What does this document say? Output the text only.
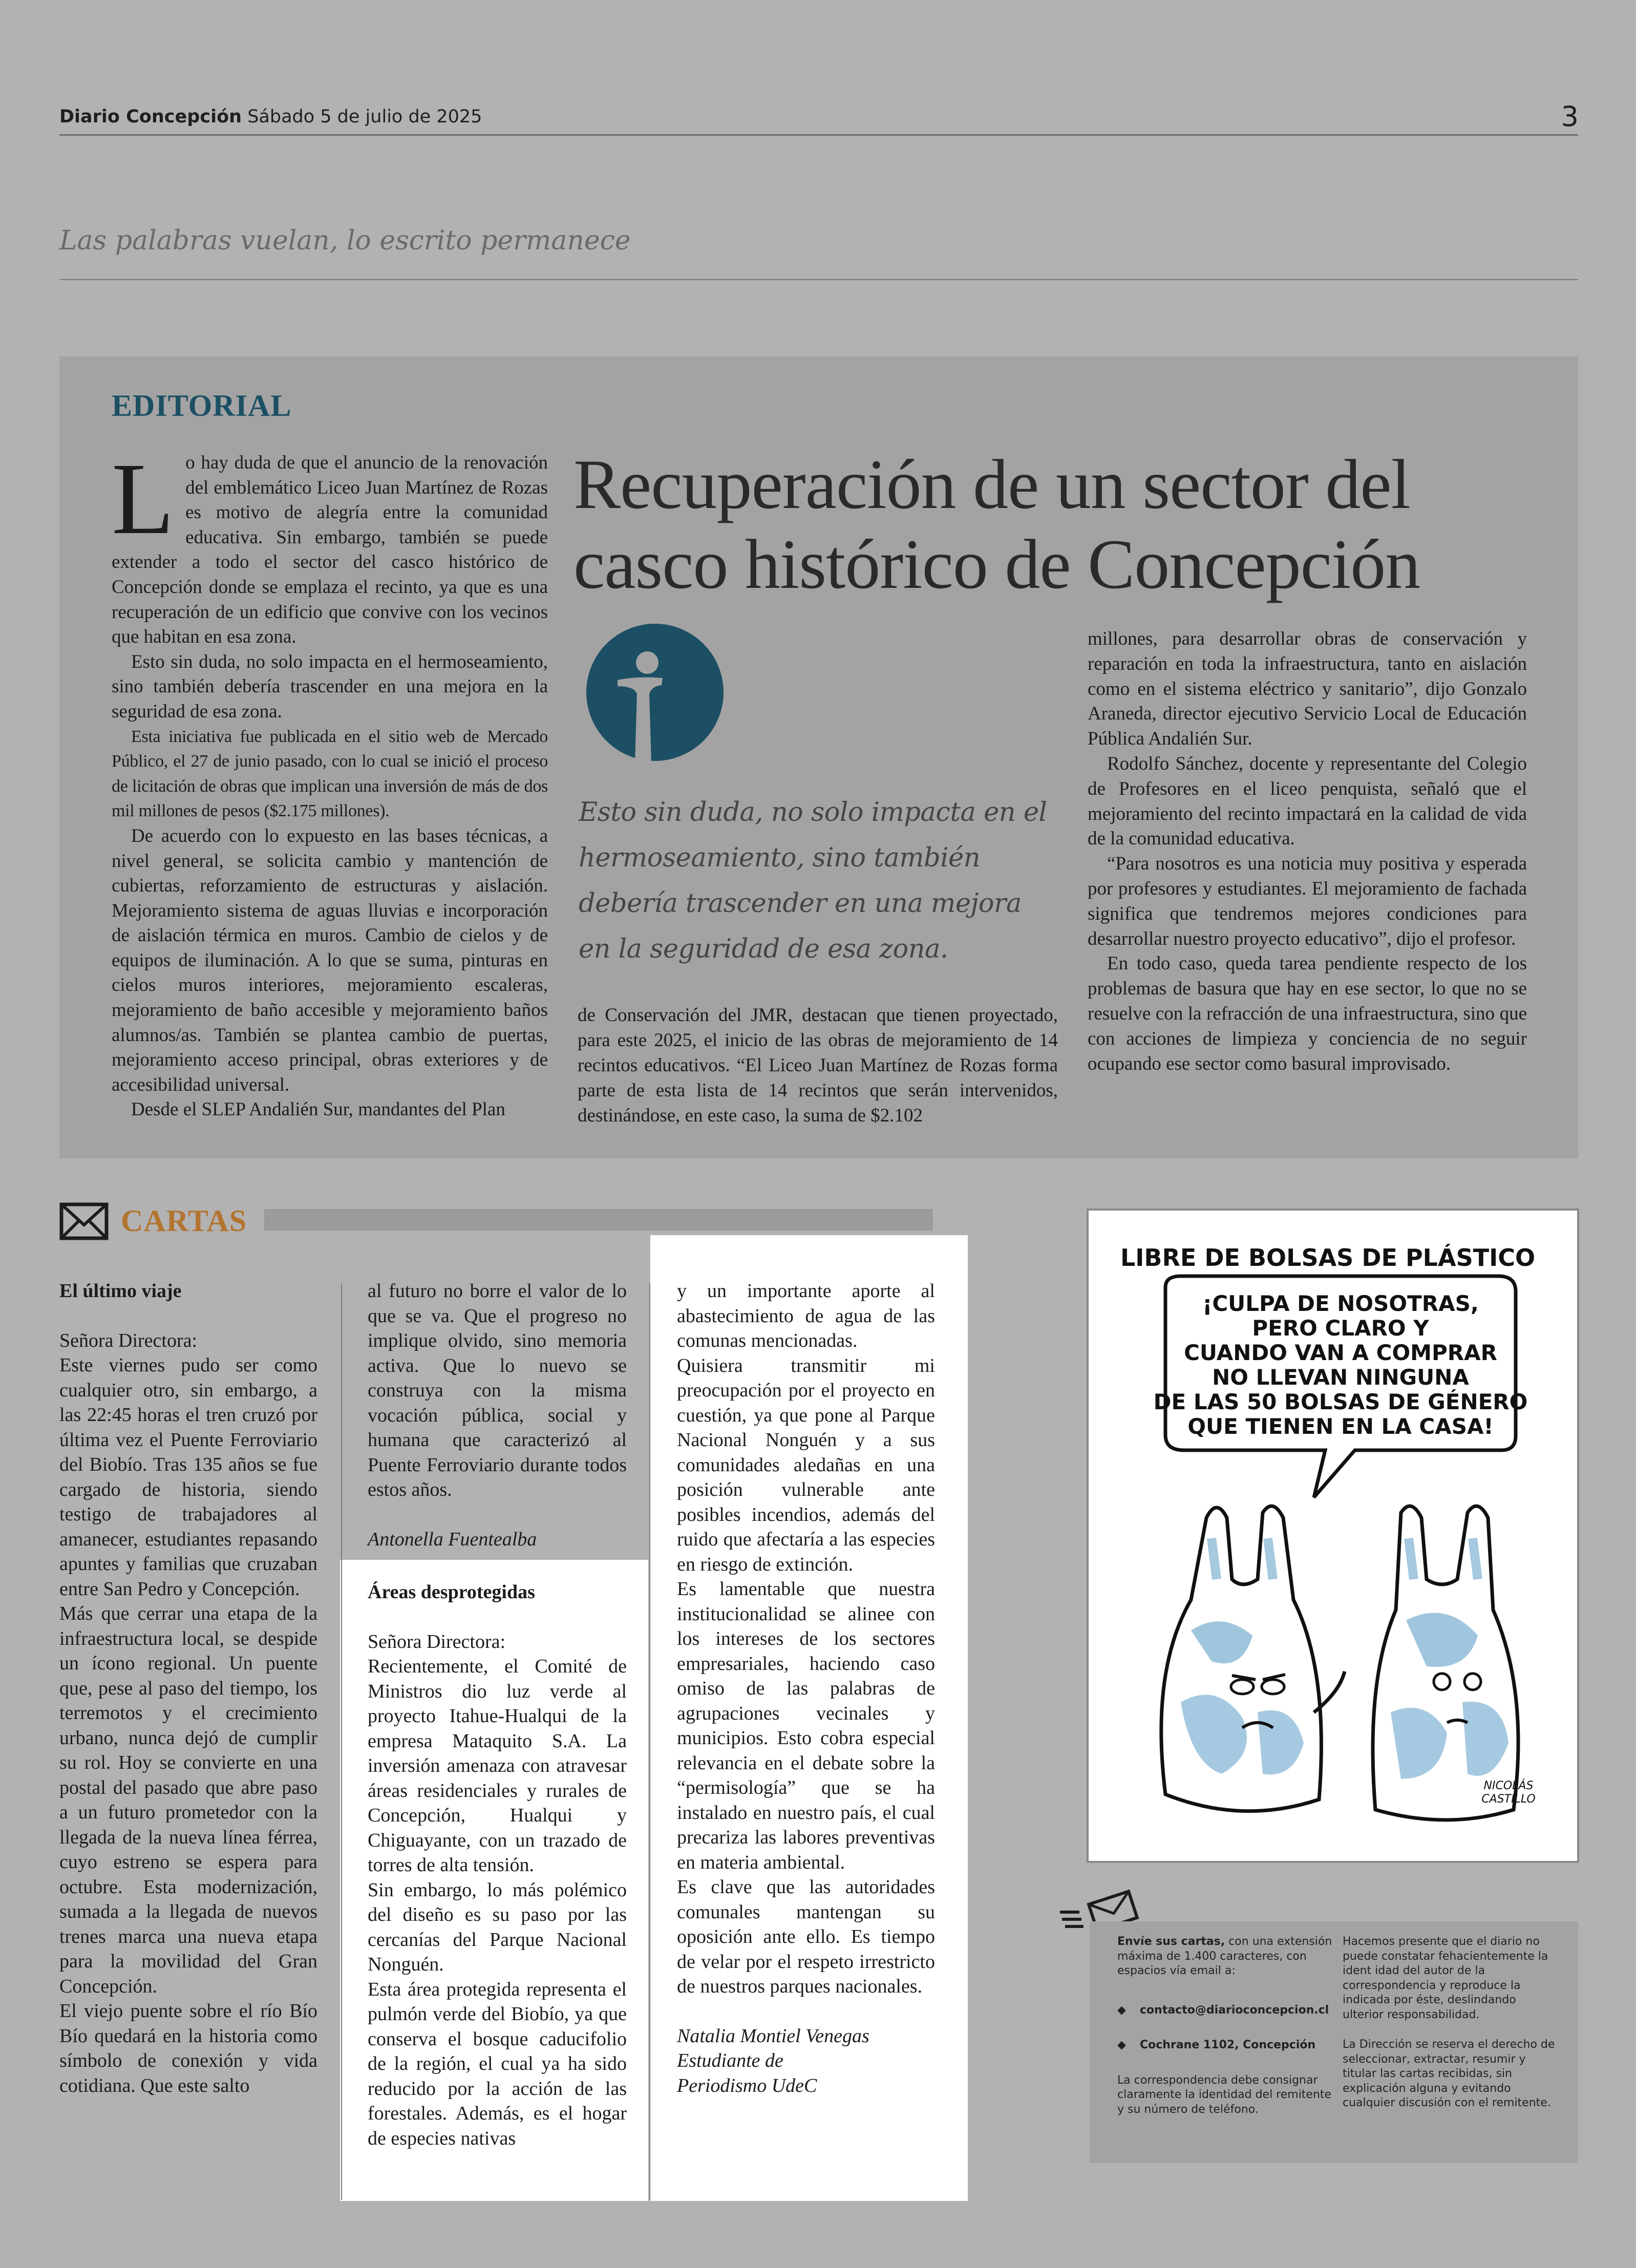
Diario Concepción Sábado 5 de julio de 2025	3
Las palabras vuelan, lo escrito permanece
EDITORIAL

Lo hay duda de que el anuncio de la renovación del emblemático Liceo Juan Martínez de Rozas es motivo de alegría entre la comunidad educativa. Sin embargo, también se puede extender a todo el sector del casco histórico de Concepción donde se emplaza el recinto, ya que es una recuperación de un edificio que convive con los vecinos que habitan en esa zona.

Esto sin duda, no solo impacta en el hermoseamiento, sino también debería trascender en una mejora en la seguridad de esa zona.

Esta iniciativa fue publicada en el sitio web de Mercado Público, el 27 de junio pasado, con lo cual se inició el proceso de licitación de obras que implican una inversión de más de dos mil millones de pesos ($2.175 millones).

De acuerdo con lo expuesto en las bases técnicas, a nivel general, se solicita cambio y mantención de cubiertas, reforzamiento de estructuras y aislación. Mejoramiento sistema de aguas lluvias e incorporación de aislación térmica en muros. Cambio de cielos y de equipos de iluminación. A lo que se suma, pinturas en cielos muros interiores, mejoramiento escaleras, mejoramiento de baño accesible y mejoramiento baños alumnos/as. También se plantea cambio de puertas, mejoramiento acceso principal, obras exteriores y de accesibilidad universal.

Desde el SLEP Andalién Sur, mandantes del Plan

Recuperación de un sector del
casco histórico de Concepción
Esto sin duda, no solo impacta en el hermoseamiento, sino también debería trascender en una mejora en la seguridad de esa zona.

de Conservación del JMR, destacan que tienen proyectado, para este 2025, el inicio de las obras de mejoramiento de 14 recintos educativos. “El Liceo Juan Martínez de Rozas forma parte de esta lista de 14 recintos que serán intervenidos, destinándose, en este caso, la suma de $2.102

millones, para desarrollar obras de conservación y reparación en toda la infraestructura, tanto en aislación como en el sistema eléctrico y sanitario”, dijo Gonzalo Araneda, director ejecutivo Servicio Local de Educación Pública Andalién Sur.

Rodolfo Sánchez, docente y representante del Colegio de Profesores en el liceo penquista, señaló que el mejoramiento del recinto impactará en la calidad de vida de la comunidad educativa.

“Para nosotros es una noticia muy positiva y esperada por profesores y estudiantes. El mejoramiento de fachada significa que tendremos mejores condiciones para desarrollar nuestro proyecto educativo”, dijo el profesor.

En todo caso, queda tarea pendiente respecto de los problemas de basura que hay en ese sector, lo que no se resuelve con la refracción de una infraestructura, sino que con acciones de limpieza y conciencia de no seguir ocupando ese sector como basural improvisado.

CARTAS
El último viaje
Señora Directora:
Este viernes pudo ser como cualquier otro, sin embargo, a las 22:45 horas el tren cruzó por última vez el Puente Ferroviario del Biobío. Tras 135 años se fue cargado de historia, siendo testigo de trabajadores al amanecer, estudiantes repasando apuntes y familias que cruzaban entre San Pedro y Concepción.
Más que cerrar una etapa de la infraestructura local, se despide un ícono regional. Un puente que, pese al paso del tiempo, los terremotos y el crecimiento urbano, nunca dejó de cumplir su rol. Hoy se convierte en una postal del pasado que abre paso a un futuro prometedor con la llegada de la nueva línea férrea, cuyo estreno se espera para octubre. Esta modernización, sumada a la llegada de nuevos trenes marca una nueva etapa para la movilidad del Gran Concepción.
El viejo puente sobre el río Bío Bío quedará en la historia como símbolo de conexión y vida cotidiana. Que este salto
al futuro no borre el valor de lo que se va. Que el progreso no implique olvido, sino memoria activa. Que lo nuevo se construya con la misma vocación pública, social y humana que caracterizó al Puente Ferroviario durante todos estos años.
Antonella Fuentealba
Áreas desprotegidas
Señora Directora:
Recientemente, el Comité de Ministros dio luz verde al proyecto Itahue-Hualqui de la empresa Mataquito S.A. La inversión amenaza con atravesar áreas residenciales y rurales de Concepción, Hualqui y Chiguayante, con un trazado de torres de alta tensión.
Sin embargo, lo más polémico del diseño es su paso por las cercanías del Parque Nacional Nonguén.
Esta área protegida representa el pulmón verde del Biobío, ya que conserva el bosque caducifolio de la región, el cual ya ha sido reducido por la acción de las forestales. Además, es el hogar de especies nativas
y un importante aporte al abastecimiento de agua de las comunas mencionadas.
Quisiera transmitir mi preocupación por el proyecto en cuestión, ya que pone al Parque Nacional Nonguén y a sus comunidades aledañas en una posición vulnerable ante posibles incendios, además del ruido que afectaría a las especies en riesgo de extinción.
Es lamentable que nuestra institucionalidad se alinee con los intereses de los sectores empresariales, haciendo caso omiso de las palabras de agrupaciones vecinales y municipios. Esto cobra especial relevancia en el debate sobre la “permisología” que se ha instalado en nuestro país, el cual precariza las labores preventivas en materia ambiental.
Es clave que las autoridades comunales mantengan su oposición ante ello. Es tiempo de velar por el respeto irrestricto de nuestros parques nacionales.
Natalia Montiel Venegas
Estudiante de
Periodismo UdeC
LIBRE DE BOLSAS DE PLÁSTICO
¡CULPA DE NOSOTRAS,
PERO CLARO Y
CUANDO VAN A COMPRAR
NO LLEVAN NINGUNA
DE LAS 50 BOLSAS DE GÉNERO
QUE TIENEN EN LA CASA!
NICOLÁS
CASTILLO
Envíe sus cartas, con una extensión máxima de 1.400 caracteres, con espacios vía email a:
◆ contacto@diarioconcepcion.cl
◆ Cochrane 1102, Concepción
La correspondencia debe consignar claramente la identidad del remitente y su número de teléfono.
Hacemos presente que el diario no puede constatar fehacientemente la ident idad del autor de la correspondencia y reproduce la indicada por éste, deslindando ulterior responsabilidad.
La Dirección se reserva el derecho de seleccionar, extractar, resumir y titular las cartas recibidas, sin explicación alguna y evitando cualquier discusión con el remitente.
